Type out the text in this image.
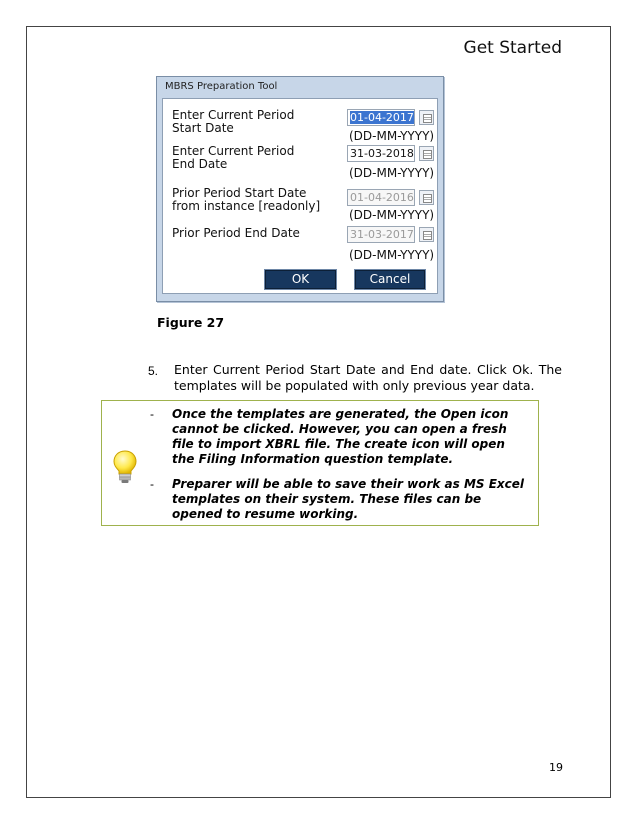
Get Started
MBRS Preparation Tool
Enter Current Period
Start Date
01-04-2017
(DD-MM-YYYY)
Enter Current Period
End Date
31-03-2018
(DD-MM-YYYY)
Prior Period Start Date
from instance [readonly]
01-04-2016
(DD-MM-YYYY)
Prior Period End Date	31-03-2017
(DD-MM-YYYY)
OK	Cancel
Figure 27
5. Enter Current Period Start Date and End date. Click Ok. The templates will be populated with only previous year data.
- Once the templates are generated, the Open icon cannot be clicked. However, you can open a fresh file to import XBRL file. The create icon will open the Filing Information question template.
- Preparer will be able to save their work as MS Excel templates on their system. These files can be opened to resume working.
19
